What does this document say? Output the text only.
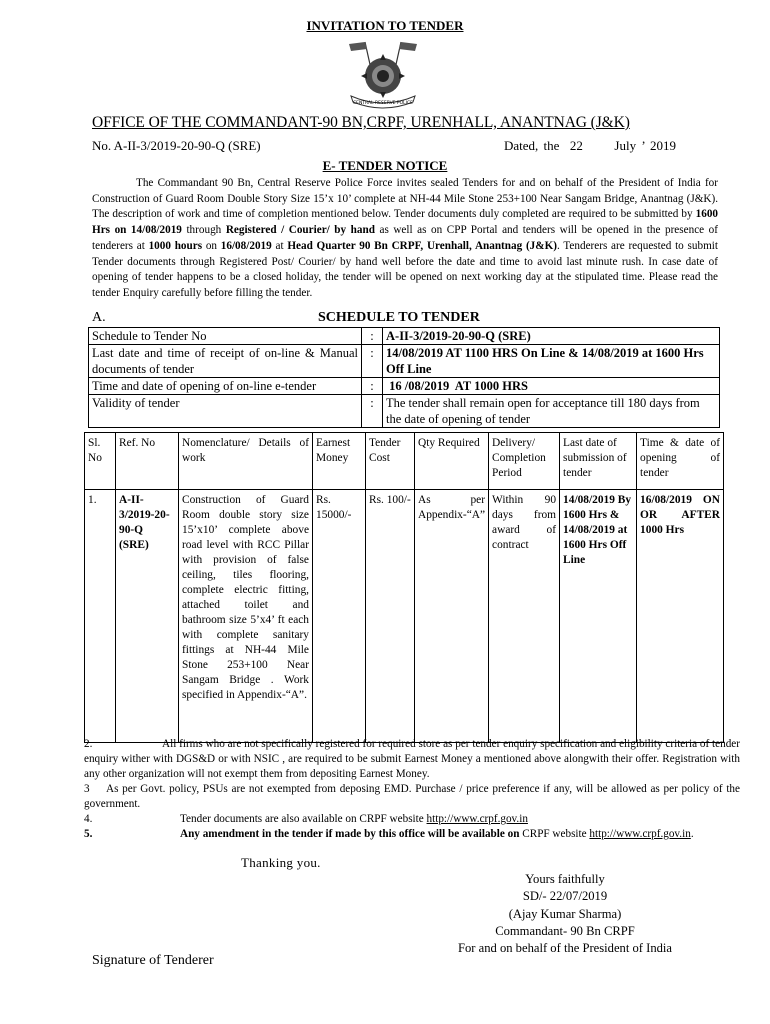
INVITATION TO TENDER
CENTRAL RESERVE POLICE
OFFICE OF THE COMMANDANT-90 BN,CRPF, URENHALL, ANANTNAG (J&K)
No. A-II-3/2019-20-90-Q (SRE)	Dated, the  22      July ’ 2019
E- TENDER NOTICE
The Commandant 90 Bn, Central Reserve Police Force invites sealed Tenders for and on behalf of the President of India for Construction of Guard Room Double Story Size 15’x 10’ complete at NH-44 Mile Stone 253+100 Near Sangam Bridge, Anantnag (J&K). The description of work and time of completion mentioned below. Tender documents duly completed are required to be submitted by 1600 Hrs on 14/08/2019 through Registered / Courier/ by hand as well as on CPP Portal and tenders will be opened in the presence of tenderers at 1000 hours on 16/08/2019 at Head Quarter 90 Bn CRPF, Urenhall, Anantnag (J&K). Tenderers are requested to submit Tender documents through Registered Post/ Courier/ by hand well before the date and time to avoid last minute rush. In case date of opening of tender happens to be a closed holiday, the tender will be opened on next working day at the stipulated time. Please read the tender Enquiry carefully before filling the tender.
A.	SCHEDULE TO TENDER
Schedule to Tender No	:	A-II-3/2019-20-90-Q (SRE)
Last date and time of receipt of on-line & Manual documents of tender	:	14/08/2019 AT 1100 HRS On Line & 14/08/2019 at 1600 Hrs Off Line
Time and date of opening of on-line e-tender	:	16 /08/2019  AT 1000 HRS
Validity of tender	:	The tender shall remain open for acceptance till 180 days from the date of opening of tender
Sl. No	Ref. No	Nomenclature/ Details of work	Earnest Money	Tender Cost	Qty Required	Delivery/ Completion Period	Last date of submission of tender	Time & date of opening of tender
1.	A-II-3/2019-20-90-Q (SRE)	Construction of Guard Room double story size 15’x10’ complete above road level with RCC Pillar with provision of false ceiling, tiles flooring, complete electric fitting, attached toilet and bathroom size 5’x4’ ft each with complete sanitary fittings at NH-44 Mile Stone 253+100 Near Sangam Bridge . Work specified in Appendix-“A”.	Rs. 15000/-	Rs. 100/-	As per Appendix-“A”	Within 90 days from award of contract	14/08/2019 By 1600 Hrs & 14/08/2019 at 1600 Hrs Off Line	16/08/2019 ON OR AFTER 1000 Hrs

2.	All firms who are not specifically registered for required store as per tender enquiry specification and eligibility criteria of tender enquiry wither with DGS&D or with NSIC , are required to be submit Earnest Money a mentioned above alongwith their offer. Registration with any other organization will not exempt them from depositing Earnest Money.

3 As per Govt. policy, PSUs are not exempted from deposing EMD. Purchase / price preference if any, will be allowed as per policy of the government.

4.	Tender documents are also available on CRPF website http://www.crpf.gov.in

5.	Any amendment in the tender if made by this office will be available on CRPF website http://www.crpf.gov.in.

Thanking you.
Yours faithfully
SD/- 22/07/2019
(Ajay Kumar Sharma)
Commandant- 90 Bn CRPF
For and on behalf of the President of India
Signature of Tenderer
